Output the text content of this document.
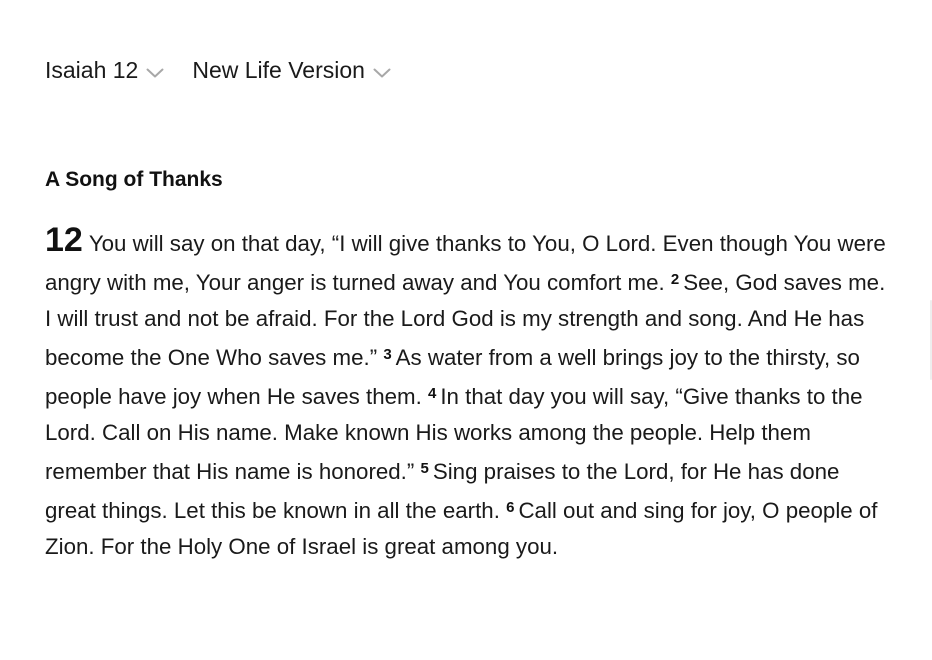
Isaiah 12 New Life Version
A Song of Thanks
12 You will say on that day, “I will give thanks to You, O Lord. Even though You were angry with me, Your anger is turned away and You comfort me. $^2$ See, God saves me. I will trust and not be afraid. For the Lord God is my strength and song. And He has become the One Who saves me.” $^3$ As water from a well brings joy to the thirsty, so people have joy when He saves them. $^4$ In that day you will say, “Give thanks to the Lord. Call on His name. Make known His works among the people. Help them remember that His name is honored.” $^5$ Sing praises to the Lord, for He has done great things. Let this be known in all the earth. $^6$ Call out and sing for joy, O people of Zion. For the Holy One of Israel is great among you.
